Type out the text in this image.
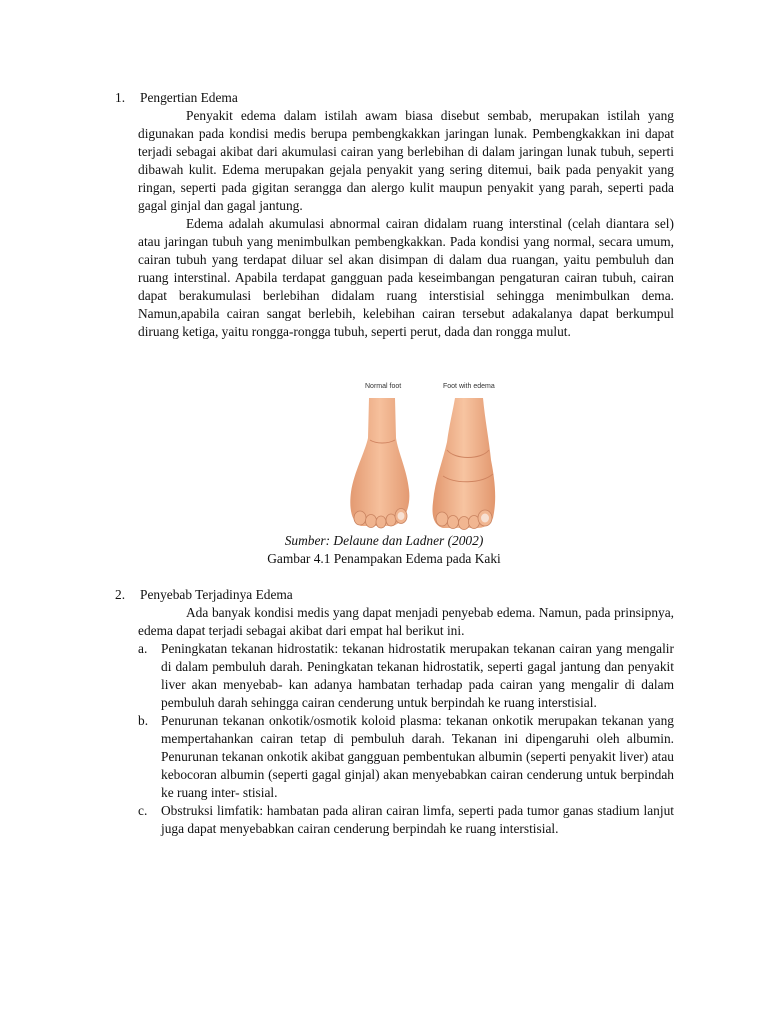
1. Pengertian Edema

Penyakit edema dalam istilah awam biasa disebut sembab, merupakan istilah yang digunakan pada kondisi medis berupa pembengkakkan jaringan lunak. Pembengkakkan ini dapat terjadi sebagai akibat dari akumulasi cairan yang berlebihan di dalam jaringan lunak tubuh, seperti dibawah kulit. Edema merupakan gejala penyakit yang sering ditemui, baik pada penyakit yang ringan, seperti pada gigitan serangga dan alergo kulit maupun penyakit yang parah, seperti pada gagal ginjal dan gagal jantung.

Edema adalah akumulasi abnormal cairan didalam ruang interstinal (celah diantara sel) atau jaringan tubuh yang menimbulkan pembengkakkan. Pada kondisi yang normal, secara umum, cairan tubuh yang terdapat diluar sel akan disimpan di dalam dua ruangan, yaitu pembuluh dan ruang interstinal. Apabila terdapat gangguan pada keseimbangan pengaturan cairan tubuh, cairan dapat berakumulasi berlebihan didalam ruang interstisial sehingga menimbulkan dema. Namun,apabila cairan sangat berlebih, kelebihan cairan tersebut adakalanya dapat berkumpul diruang ketiga, yaitu rongga-rongga tubuh, seperti perut, dada dan rongga mulut.

Normal foot	Foot with edema
Sumber: Delaune dan Ladner (2002)
Gambar 4.1 Penampakan Edema pada Kaki
2. Penyebab Terjadinya Edema

Ada banyak kondisi medis yang dapat menjadi penyebab edema. Namun, pada prinsipnya, edema dapat terjadi sebagai akibat dari empat hal berikut ini.

a. Peningkatan tekanan hidrostatik: tekanan hidrostatik merupakan tekanan cairan yang mengalir di dalam pembuluh darah. Peningkatan tekanan hidrostatik, seperti gagal jantung dan penyakit liver akan menyebab- kan adanya hambatan terhadap pada cairan yang mengalir di dalam pembuluh darah sehingga cairan cenderung untuk berpindah ke ruang interstisial.

b. Penurunan tekanan onkotik/osmotik koloid plasma: tekanan onkotik merupakan tekanan yang mempertahankan cairan tetap di pembuluh darah. Tekanan ini dipengaruhi oleh albumin. Penurunan tekanan onkotik akibat gangguan pembentukan albumin (seperti penyakit liver) atau kebocoran albumin (seperti gagal ginjal) akan menyebabkan cairan cenderung untuk berpindah ke ruang inter- stisial.

c. Obstruksi limfatik: hambatan pada aliran cairan limfa, seperti pada tumor ganas stadium lanjut juga dapat menyebabkan cairan cenderung berpindah ke ruang interstisial.
